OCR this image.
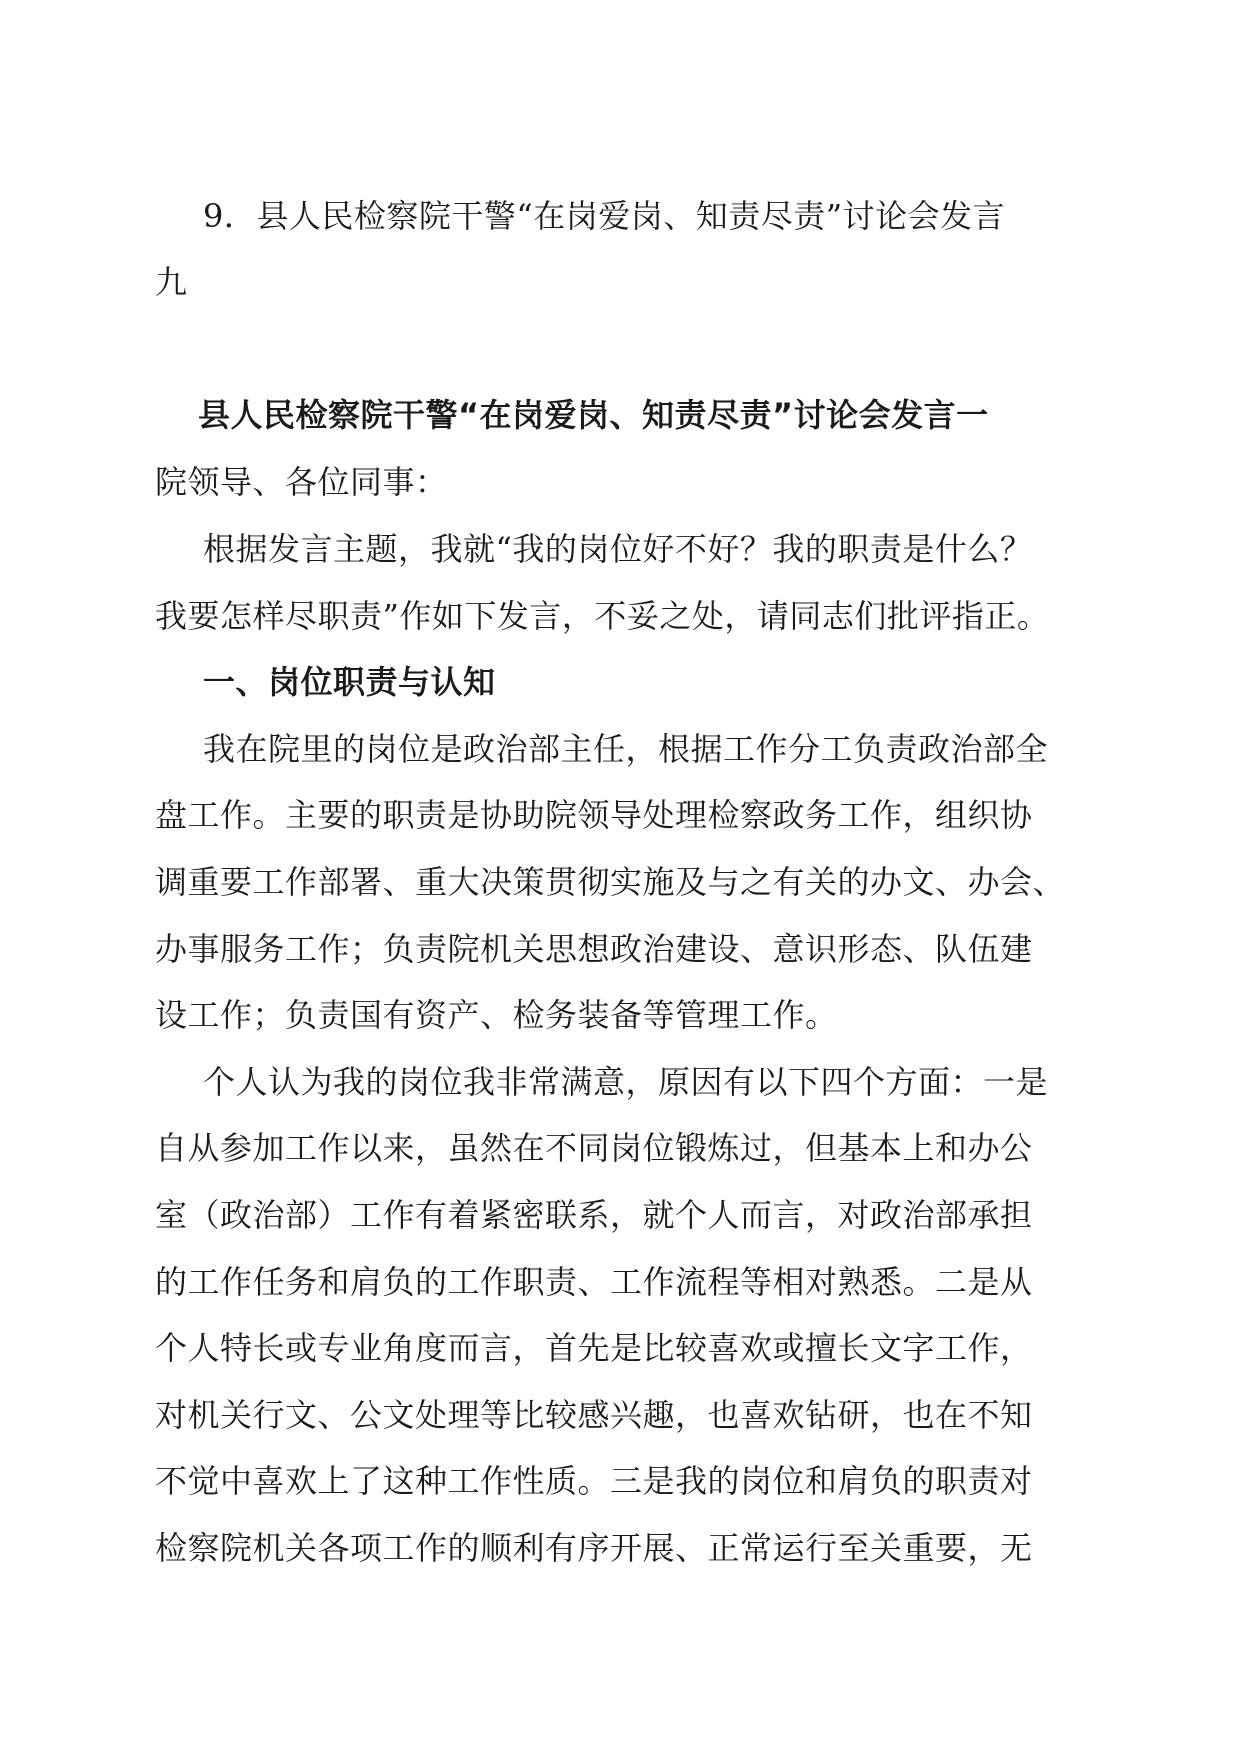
9．县人民检察院干警“在岗爱岗、知责尽责”讨论会发言
九
县人民检察院干警“在岗爱岗、知责尽责”讨论会发言一
院领导、各位同事：
根据发言主题，我就“我的岗位好不好？我的职责是什么？
我要怎样尽职责”作如下发言，不妥之处，请同志们批评指正。
一、岗位职责与认知
我在院里的岗位是政治部主任，根据工作分工负责政治部全
盘工作。主要的职责是协助院领导处理检察政务工作，组织协
调重要工作部署、重大决策贯彻实施及与之有关的办文、办会、
办事服务工作；负责院机关思想政治建设、意识形态、队伍建
设工作；负责国有资产、检务装备等管理工作。
个人认为我的岗位我非常满意，原因有以下四个方面：一是
自从参加工作以来，虽然在不同岗位锻炼过，但基本上和办公
室（政治部）工作有着紧密联系，就个人而言，对政治部承担
的工作任务和肩负的工作职责、工作流程等相对熟悉。二是从
个人特长或专业角度而言，首先是比较喜欢或擅长文字工作，
对机关行文、公文处理等比较感兴趣，也喜欢钻研，也在不知
不觉中喜欢上了这种工作性质。三是我的岗位和肩负的职责对
检察院机关各项工作的顺利有序开展、正常运行至关重要，无
